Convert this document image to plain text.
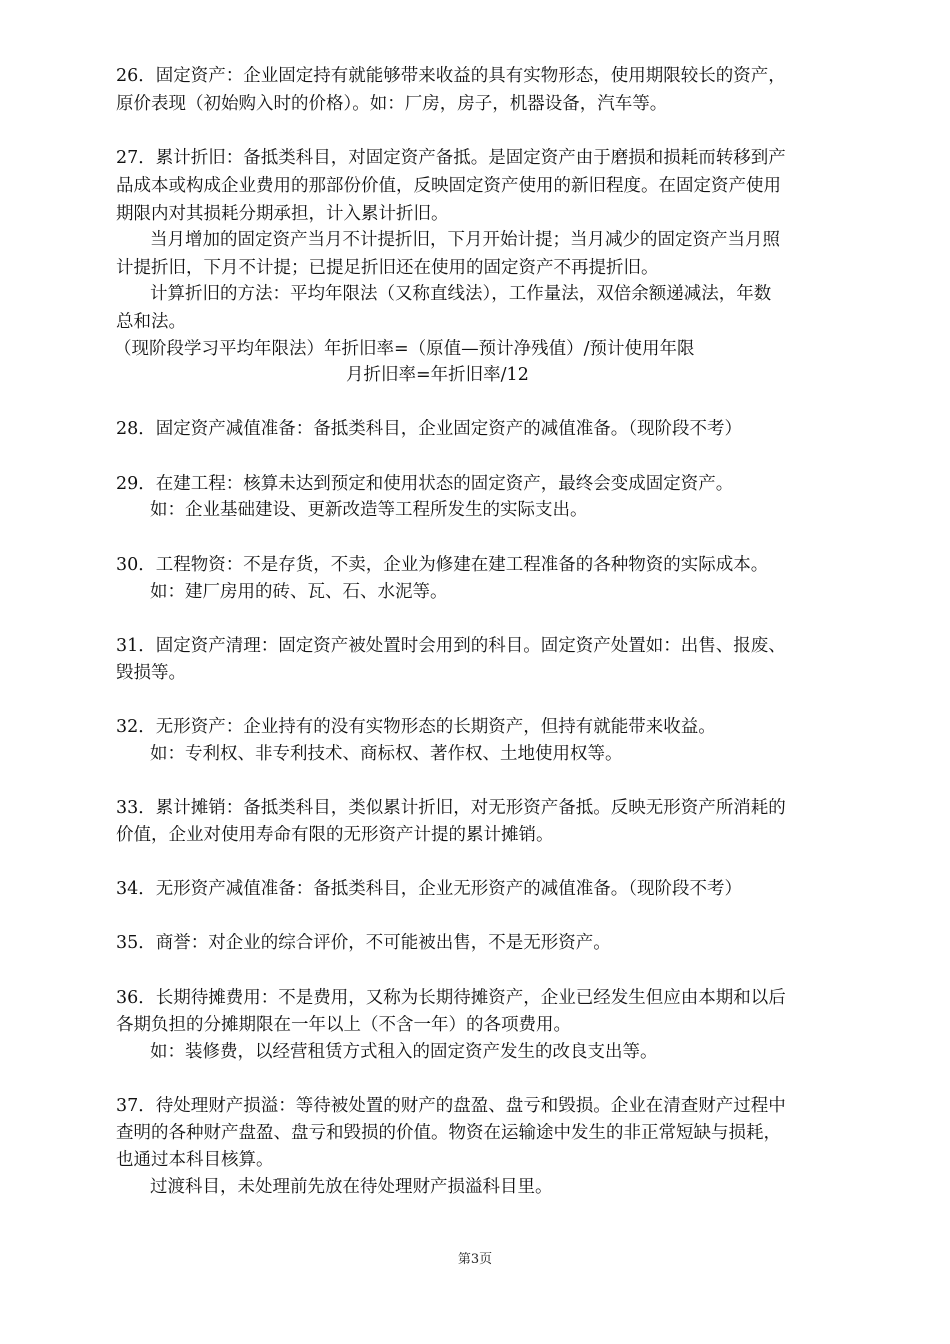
26．固定资产：企业固定持有就能够带来收益的具有实物形态，使用期限较长的资产，
原价表现（初始购入时的价格）。如：厂房，房子，机器设备，汽车等。
27．累计折旧：备抵类科目，对固定资产备抵。是固定资产由于磨损和损耗而转移到产
品成本或构成企业费用的那部份价值，反映固定资产使用的新旧程度。在固定资产使用
期限内对其损耗分期承担，计入累计折旧。
当月增加的固定资产当月不计提折旧，下月开始计提；当月减少的固定资产当月照
计提折旧，下月不计提；已提足折旧还在使用的固定资产不再提折旧。
计算折旧的方法：平均年限法（又称直线法），工作量法，双倍余额递减法，年数
总和法。
（现阶段学习平均年限法）年折旧率=（原值—预计净残值）/预计使用年限
月折旧率=年折旧率/12
28．固定资产减值准备：备抵类科目，企业固定资产的减值准备。（现阶段不考）
29．在建工程：核算未达到预定和使用状态的固定资产，最终会变成固定资产。
如：企业基础建设、更新改造等工程所发生的实际支出。
30．工程物资：不是存货，不卖，企业为修建在建工程准备的各种物资的实际成本。
如：建厂房用的砖、瓦、石、水泥等。
31．固定资产清理：固定资产被处置时会用到的科目。固定资产处置如：出售、报废、
毁损等。
32．无形资产：企业持有的没有实物形态的长期资产，但持有就能带来收益。
如：专利权、非专利技术、商标权、著作权、土地使用权等。
33．累计摊销：备抵类科目，类似累计折旧，对无形资产备抵。反映无形资产所消耗的
价值，企业对使用寿命有限的无形资产计提的累计摊销。
34．无形资产减值准备：备抵类科目，企业无形资产的减值准备。（现阶段不考）
35．商誉：对企业的综合评价，不可能被出售，不是无形资产。
36．长期待摊费用：不是费用，又称为长期待摊资产，企业已经发生但应由本期和以后
各期负担的分摊期限在一年以上（不含一年）的各项费用。
如：装修费，以经营租赁方式租入的固定资产发生的改良支出等。
37．待处理财产损溢：等待被处置的财产的盘盈、盘亏和毁损。企业在清查财产过程中
查明的各种财产盘盈、盘亏和毁损的价值。物资在运输途中发生的非正常短缺与损耗，
也通过本科目核算。
过渡科目，未处理前先放在待处理财产损溢科目里。
第3页
